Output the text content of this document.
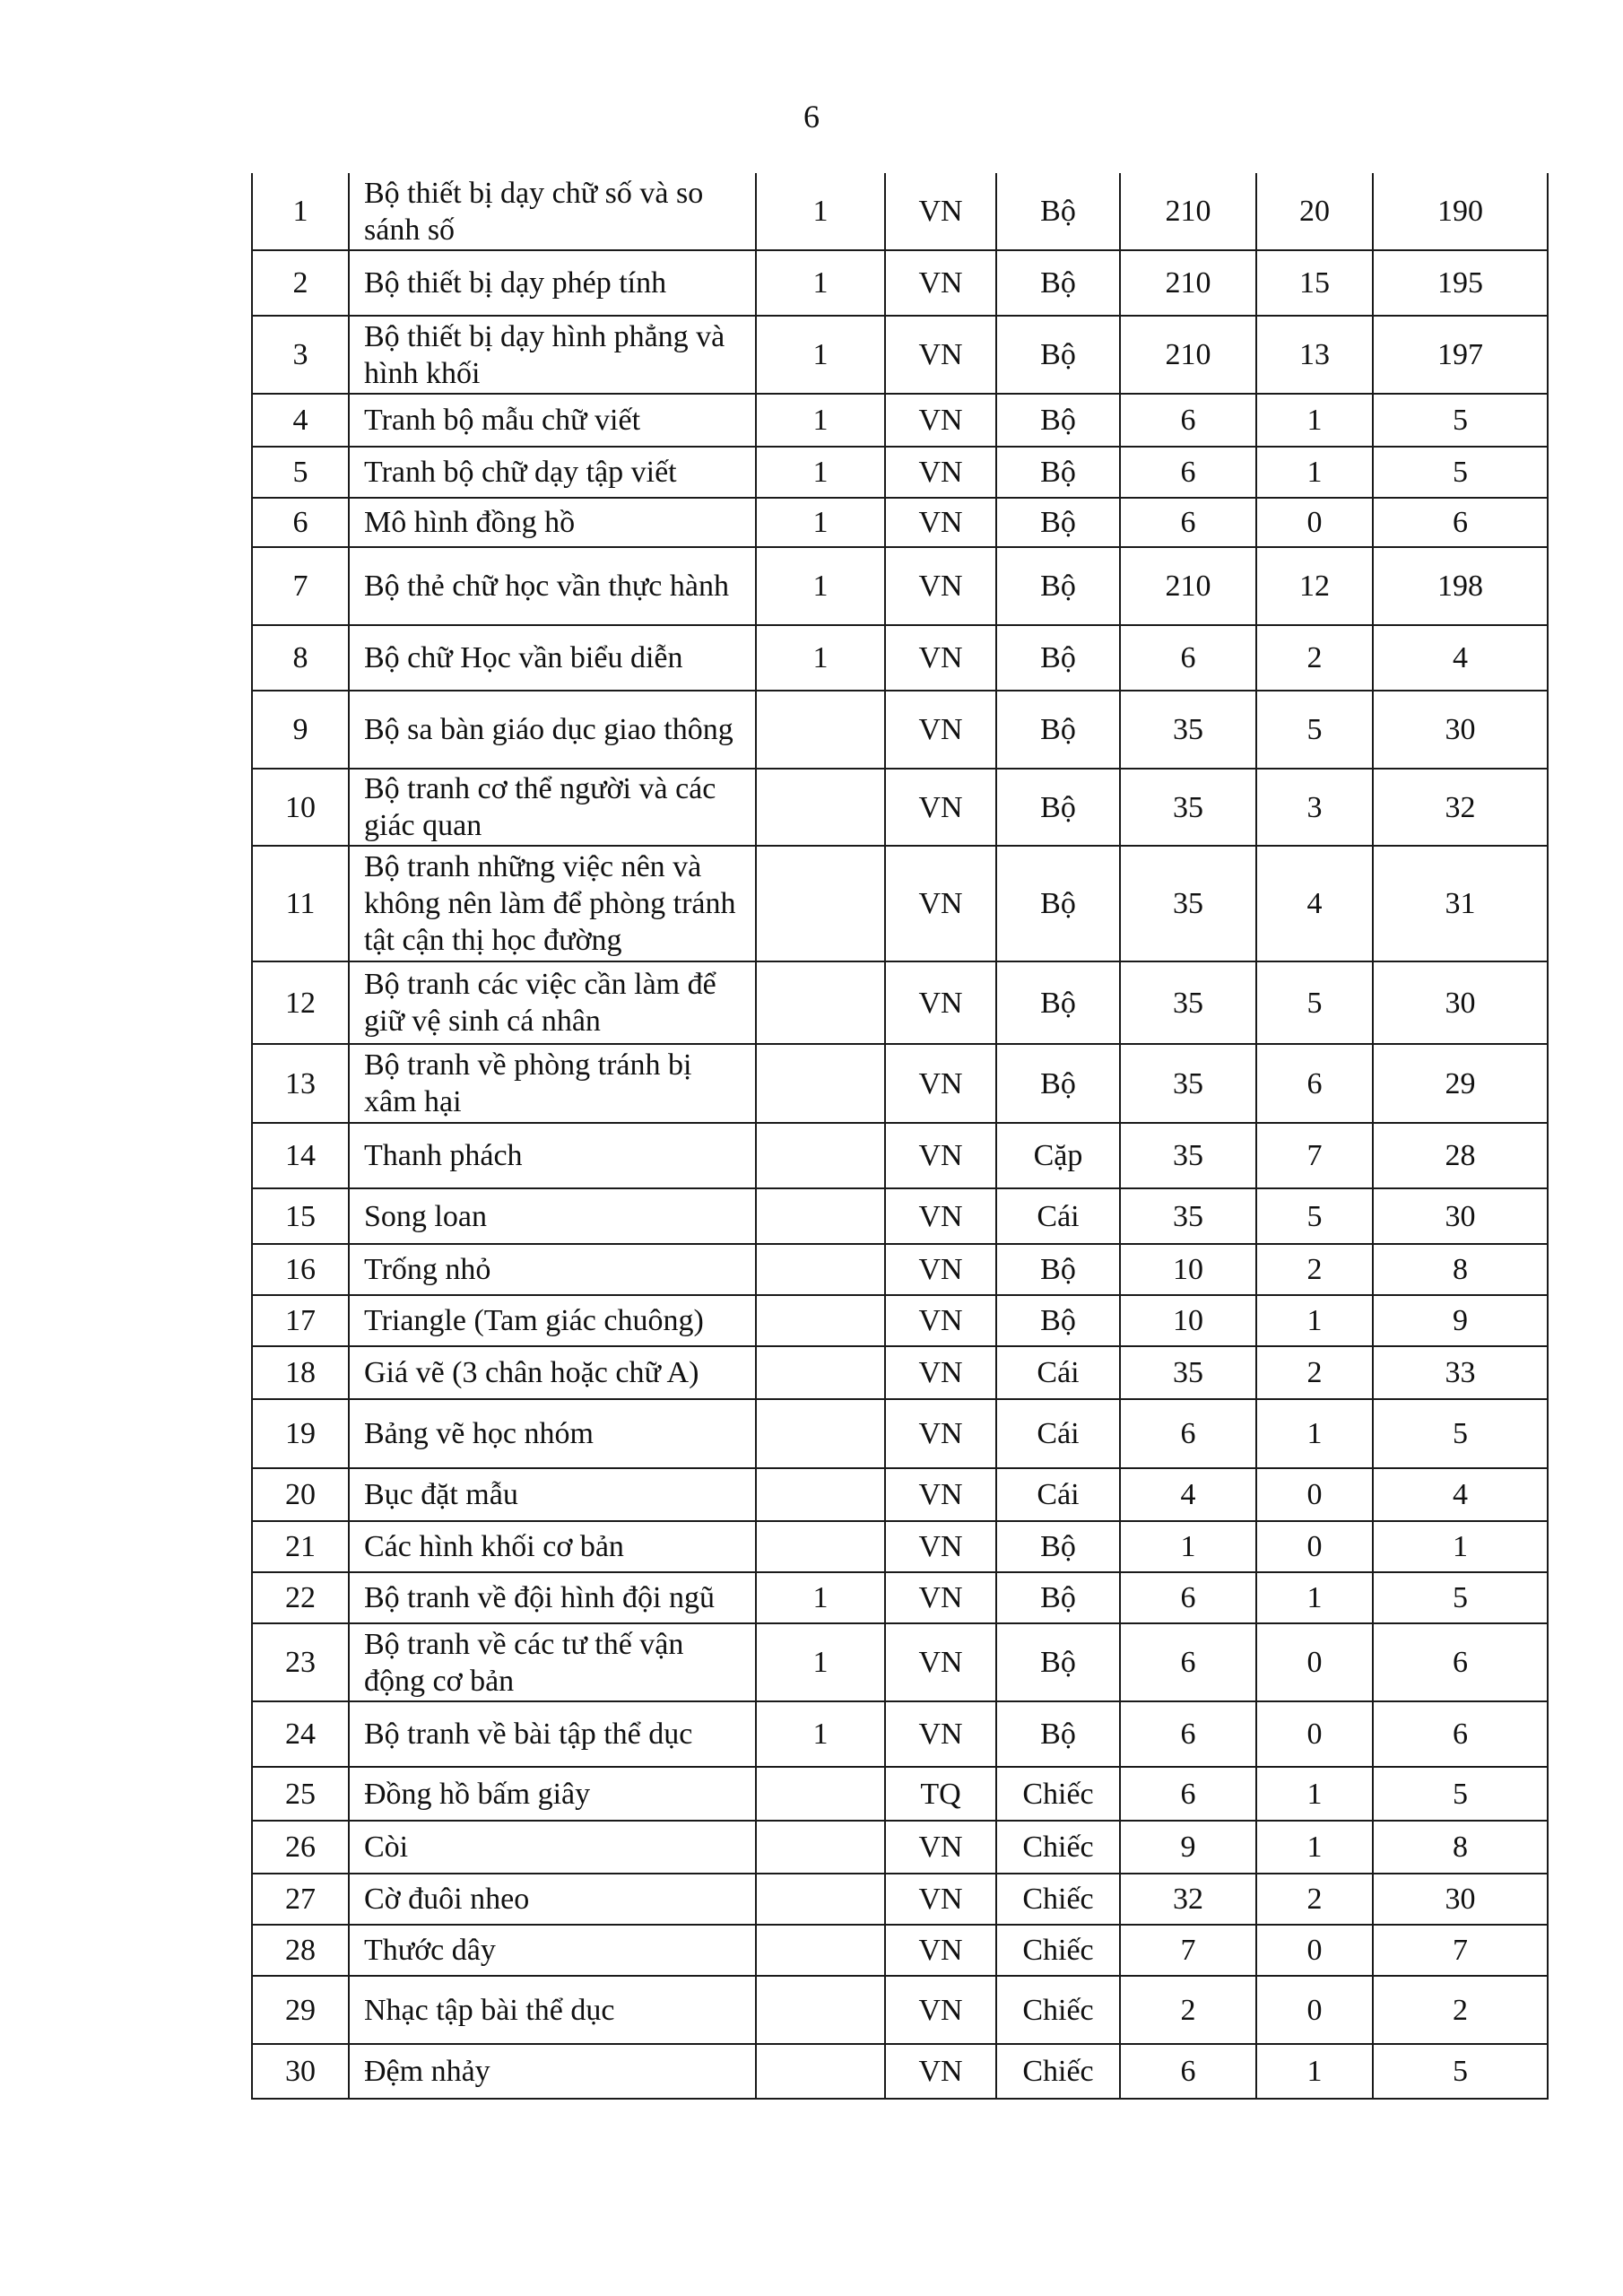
6
1	Bộ thiết bị dạy chữ số và so sánh số	1	VN	Bộ	210	20	190
2	Bộ thiết bị dạy phép tính	1	VN	Bộ	210	15	195
3	Bộ thiết bị dạy hình phẳng và hình khối	1	VN	Bộ	210	13	197
4	Tranh bộ mẫu chữ viết	1	VN	Bộ	6	1	5
5	Tranh bộ chữ dạy tập viết	1	VN	Bộ	6	1	5
6	Mô hình đồng hồ	1	VN	Bộ	6	0	6
7	Bộ thẻ chữ học vần thực hành	1	VN	Bộ	210	12	198
8	Bộ chữ Học vần biểu diễn	1	VN	Bộ	6	2	4
9	Bộ sa bàn giáo dục giao thông		VN	Bộ	35	5	30
10	Bộ tranh cơ thể người và các giác quan		VN	Bộ	35	3	32
11	Bộ tranh những việc nên và không nên làm để phòng tránh tật cận thị học đường		VN	Bộ	35	4	31
12	Bộ tranh các việc cần làm để giữ vệ sinh cá nhân		VN	Bộ	35	5	30
13	Bộ tranh về phòng tránh bị xâm hại		VN	Bộ	35	6	29
14	Thanh phách		VN	Cặp	35	7	28
15	Song loan		VN	Cái	35	5	30
16	Trống nhỏ		VN	Bộ	10	2	8
17	Triangle (Tam giác chuông)		VN	Bộ	10	1	9
18	Giá vẽ (3 chân hoặc chữ A)		VN	Cái	35	2	33
19	Bảng vẽ học nhóm		VN	Cái	6	1	5
20	Bục đặt mẫu		VN	Cái	4	0	4
21	Các hình khối cơ bản		VN	Bộ	1	0	1
22	Bộ tranh về đội hình đội ngũ	1	VN	Bộ	6	1	5
23	Bộ tranh về các tư thế vận động cơ bản	1	VN	Bộ	6	0	6
24	Bộ tranh về bài tập thể dục	1	VN	Bộ	6	0	6
25	Đồng hồ bấm giây		TQ	Chiếc	6	1	5
26	Còi		VN	Chiếc	9	1	8
27	Cờ đuôi nheo		VN	Chiếc	32	2	30
28	Thước dây		VN	Chiếc	7	0	7
29	Nhạc tập bài thể dục		VN	Chiếc	2	0	2
30	Đệm nhảy		VN	Chiếc	6	1	5
